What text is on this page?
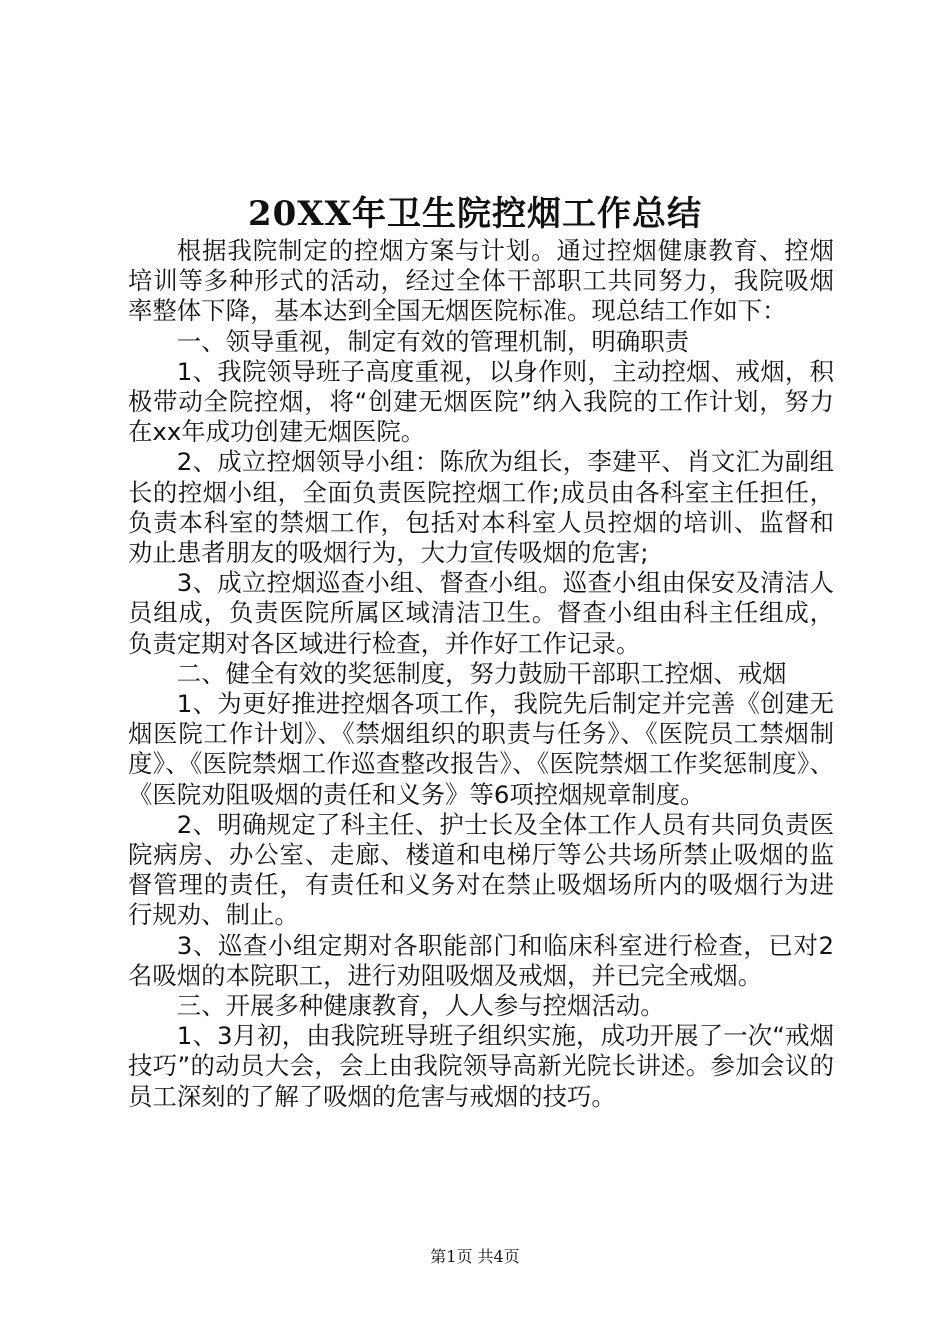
20XX年卫生院控烟工作总结

根据我院制定的控烟方案与计划。通过控烟健康教育、控烟培训等多种形式的活动，经过全体干部职工共同努力，我院吸烟率整体下降，基本达到全国无烟医院标准。现总结工作如下：

一、领导重视，制定有效的管理机制，明确职责

1、我院领导班子高度重视，以身作则，主动控烟、戒烟，积极带动全院控烟，将“创建无烟医院”纳入我院的工作计划，努力在xx年成功创建无烟医院。

2、成立控烟领导小组：陈欣为组长，李建平、肖文汇为副组长的控烟小组，全面负责医院控烟工作;成员由各科室主任担任，负责本科室的禁烟工作，包括对本科室人员控烟的培训、监督和劝止患者朋友的吸烟行为，大力宣传吸烟的危害;

3、成立控烟巡查小组、督查小组。巡查小组由保安及清洁人员组成，负责医院所属区域清洁卫生。督查小组由科主任组成，负责定期对各区域进行检查，并作好工作记录。

二、健全有效的奖惩制度，努力鼓励干部职工控烟、戒烟

1、为更好推进控烟各项工作，我院先后制定并完善《创建无烟医院工作计划》、《禁烟组织的职责与任务》、《医院员工禁烟制度》、《医院禁烟工作巡查整改报告》、《医院禁烟工作奖惩制度》、《医院劝阻吸烟的责任和义务》等6项控烟规章制度。

2、明确规定了科主任、护士长及全体工作人员有共同负责医院病房、办公室、走廊、楼道和电梯厅等公共场所禁止吸烟的监督管理的责任，有责任和义务对在禁止吸烟场所内的吸烟行为进行规劝、制止。

3、巡查小组定期对各职能部门和临床科室进行检查，已对2名吸烟的本院职工，进行劝阻吸烟及戒烟，并已完全戒烟。

三、开展多种健康教育，人人参与控烟活动。

1、3月初，由我院班导班子组织实施，成功开展了一次“戒烟技巧”的动员大会，会上由我院领导高新光院长讲述。参加会议的员工深刻的了解了吸烟的危害与戒烟的技巧。

第1页 共4页
